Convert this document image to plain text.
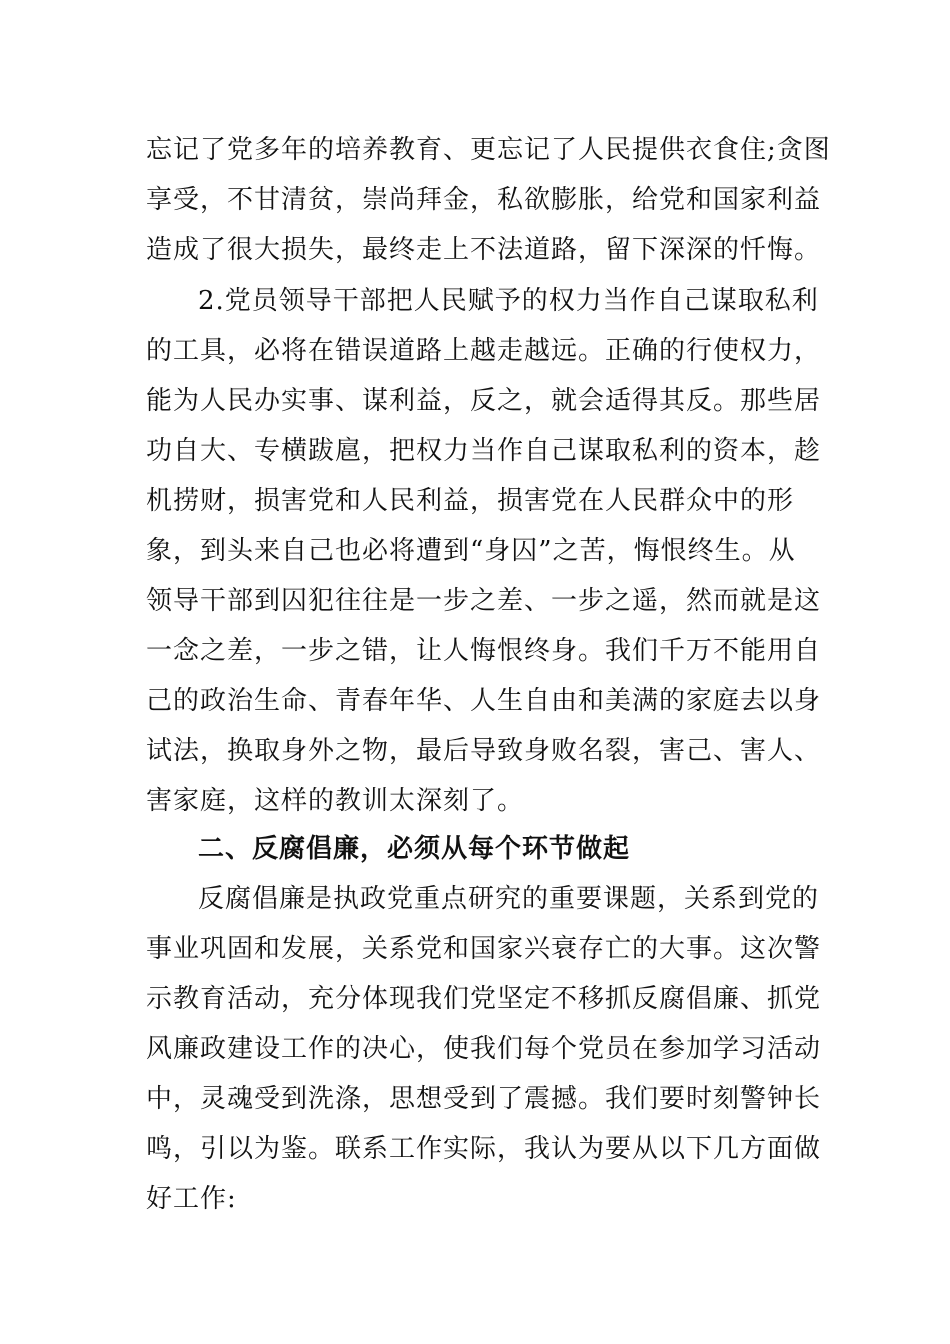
忘记了党多年的培养教育、更忘记了人民提供衣食住;贪图
享受，不甘清贫，崇尚拜金，私欲膨胀，给党和国家利益
造成了很大损失，最终走上不法道路，留下深深的忏悔。
2.党员领导干部把人民赋予的权力当作自己谋取私利
的工具，必将在错误道路上越走越远。正确的行使权力，
能为人民办实事、谋利益，反之，就会适得其反。那些居
功自大、专横跋扈，把权力当作自己谋取私利的资本，趁
机捞财，损害党和人民利益，损害党在人民群众中的形
象，到头来自己也必将遭到“身囚”之苦，悔恨终生。从
领导干部到囚犯往往是一步之差、一步之遥，然而就是这
一念之差，一步之错，让人悔恨终身。我们千万不能用自
己的政治生命、青春年华、人生自由和美满的家庭去以身
试法，换取身外之物，最后导致身败名裂，害己、害人、
害家庭，这样的教训太深刻了。
二、反腐倡廉，必须从每个环节做起
反腐倡廉是执政党重点研究的重要课题，关系到党的
事业巩固和发展，关系党和国家兴衰存亡的大事。这次警
示教育活动，充分体现我们党坚定不移抓反腐倡廉、抓党
风廉政建设工作的决心，使我们每个党员在参加学习活动
中，灵魂受到洗涤，思想受到了震撼。我们要时刻警钟长
鸣，引以为鉴。联系工作实际，我认为要从以下几方面做
好工作:
